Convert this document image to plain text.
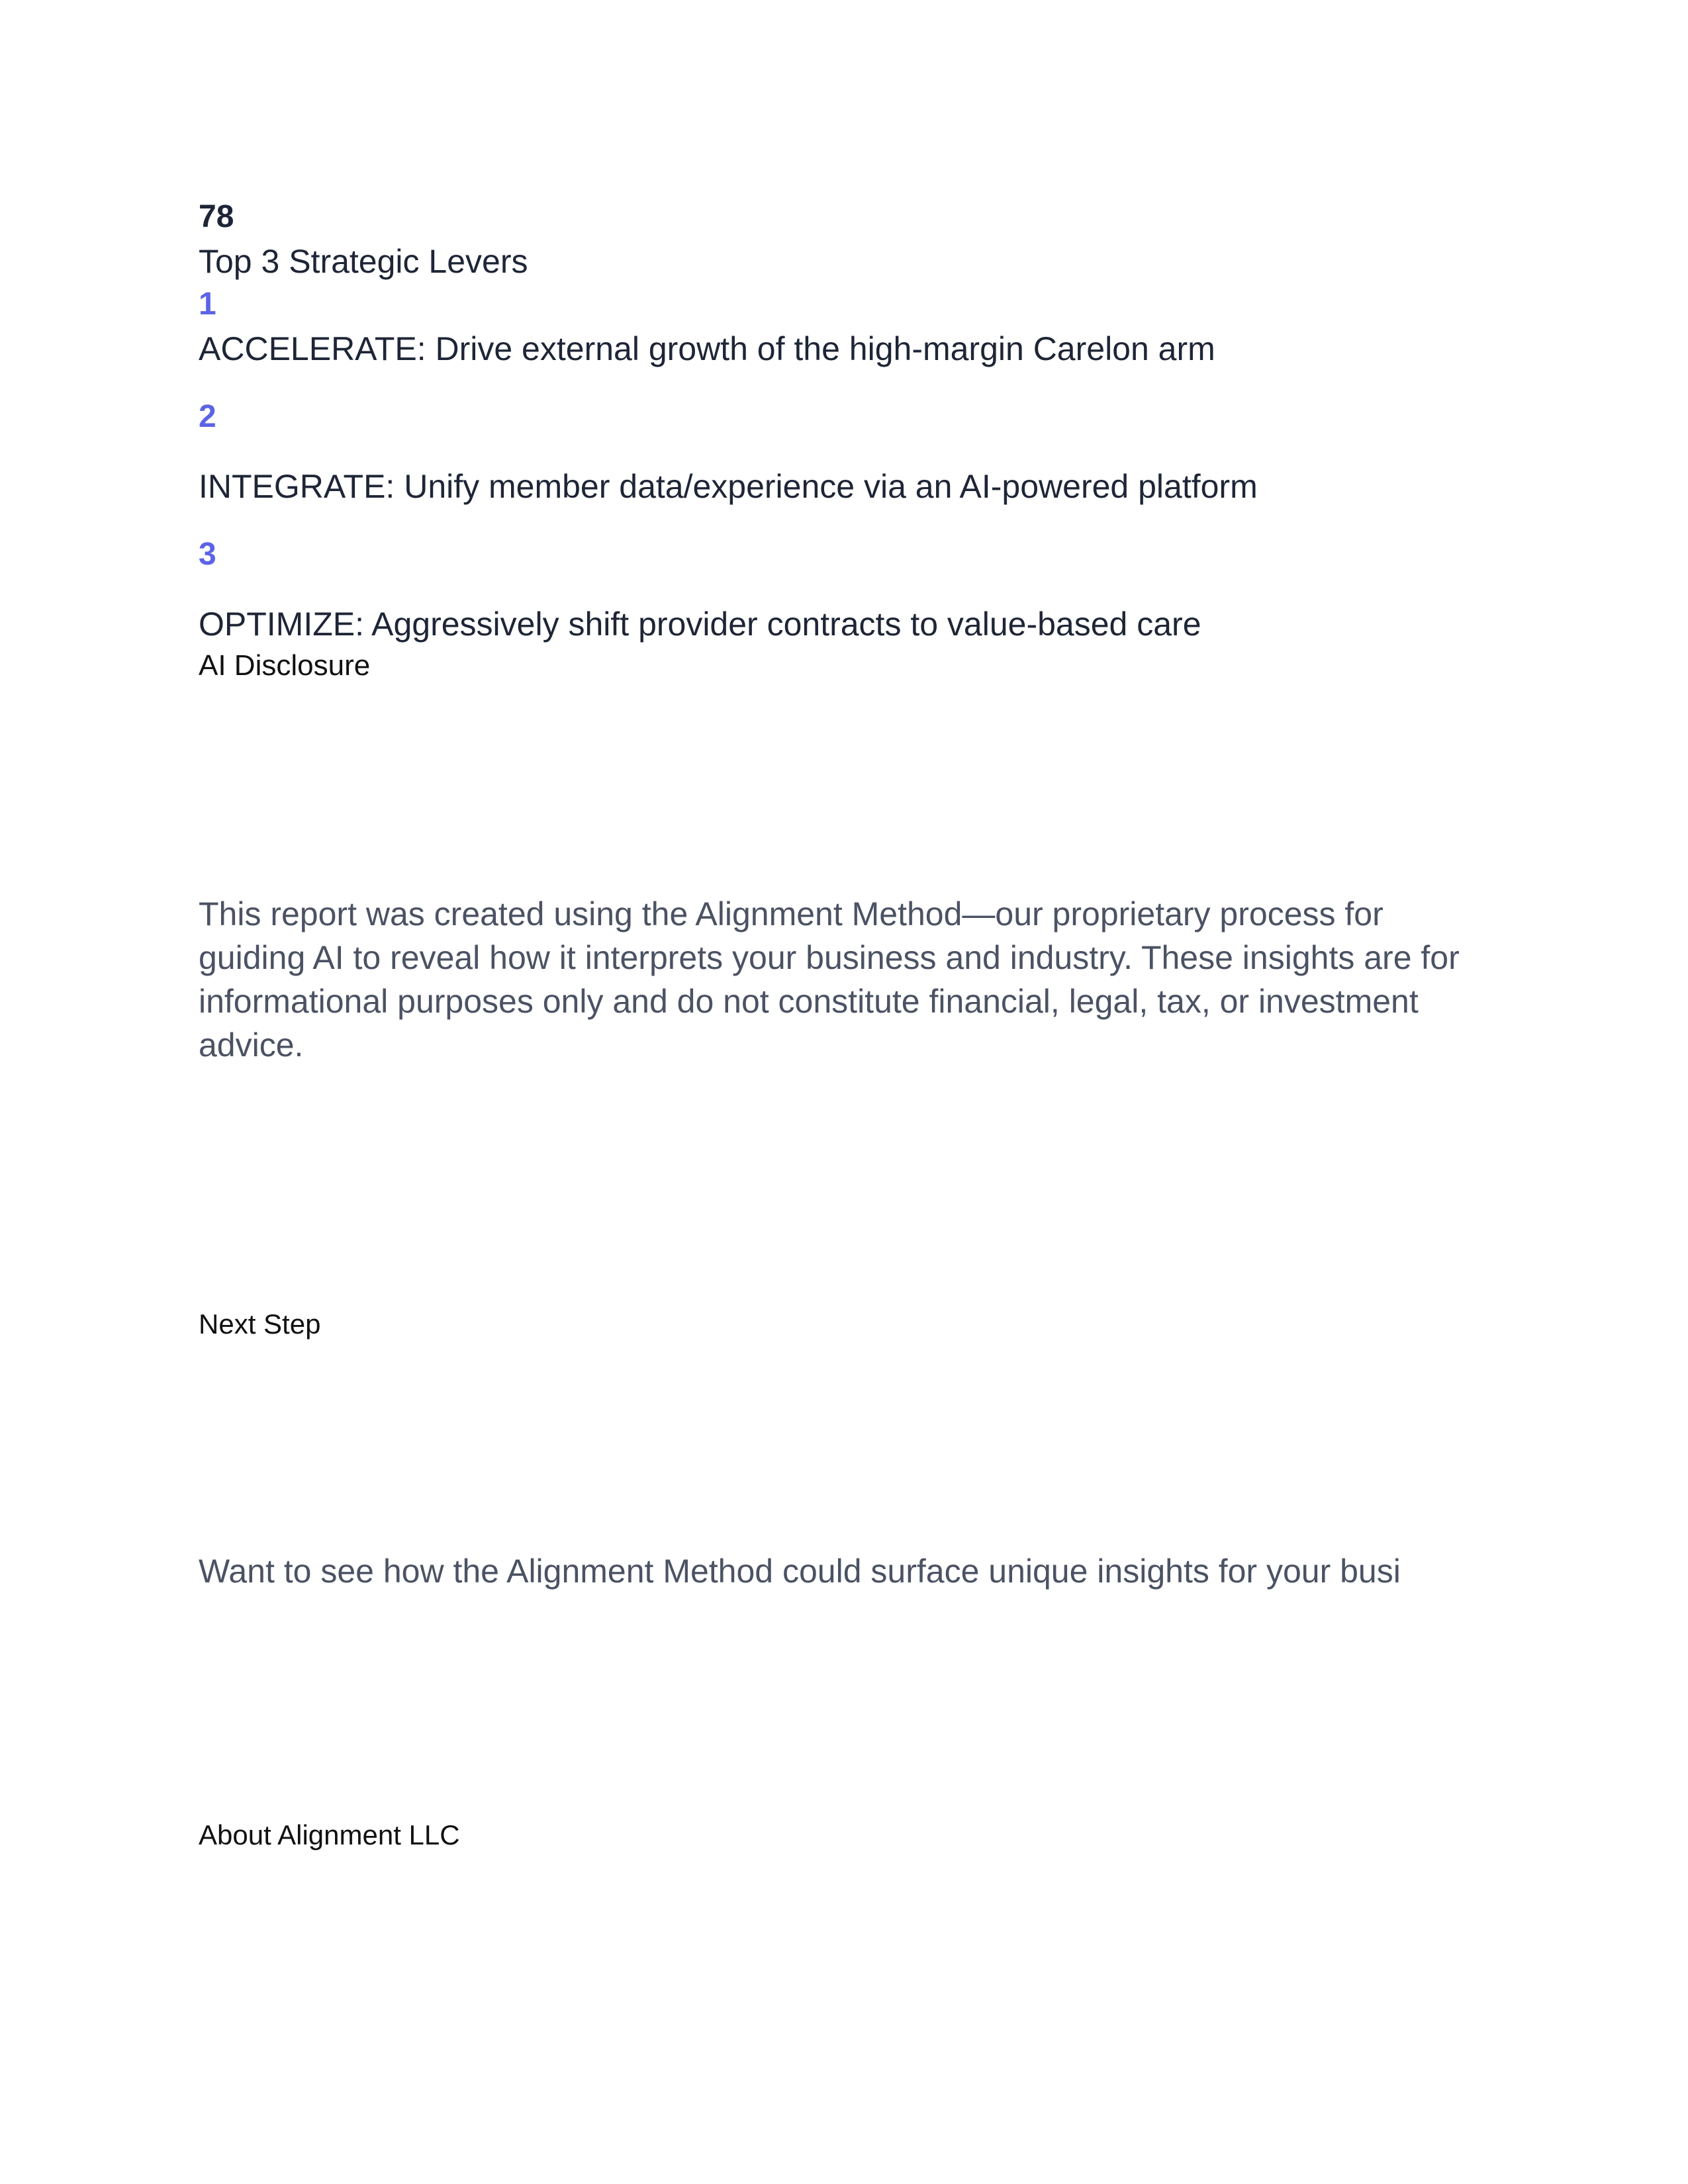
78
Top 3 Strategic Levers
1
ACCELERATE: Drive external growth of the high-margin Carelon arm
2
INTEGRATE: Unify member data/experience via an AI-powered platform
3
OPTIMIZE: Aggressively shift provider contracts to value-based care
AI Disclosure

This report was created using the Alignment Method—our proprietary process for guiding AI to reveal how it interprets your business and industry. These insights are for informational purposes only and do not constitute financial, legal, tax, or investment advice.

Next Step
Want to see how the Alignment Method could surface unique insights for your busi
About Alignment LLC
